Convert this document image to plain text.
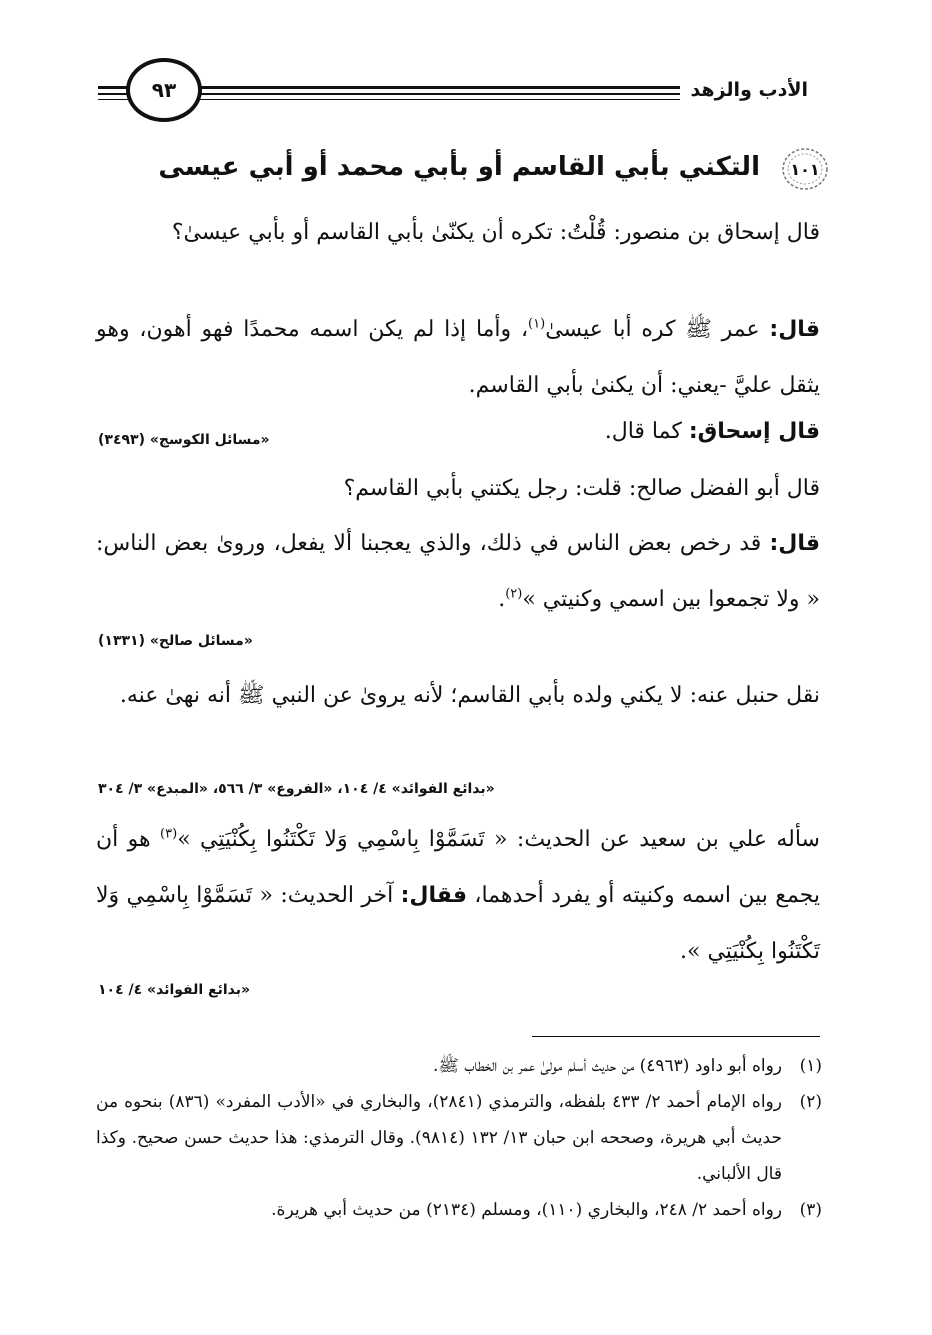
الأدب والزهد
٩٣
١٠١
التكني بأبي القاسم أو بأبي محمد أو أبي عيسى
قال إسحاق بن منصور: قُلْتُ: تكره أن يكنّىٰ بأبي القاسم أو بأبي عيسىٰ؟
قال: عمر ﷺ كره أبا عيسىٰ$^{(١)}$، وأما إذا لم يكن اسمه محمدًا فهو أهون، وهو يثقل عليَّ -يعني: أن يكنىٰ بأبي القاسم.
قال إسحاق: كما قال.
«مسائل الكوسج» (٣٤٩٣)
قال أبو الفضل صالح: قلت: رجل يكتني بأبي القاسم؟
قال: قد رخص بعض الناس في ذلك، والذي يعجبنا ألا يفعل، وروىٰ بعض الناس: « ولا تجمعوا بين اسمي وكنيتي »$^{(٢)}$.
«مسائل صالح» (١٣٣١)
نقل حنبل عنه: لا يكني ولده بأبي القاسم؛ لأنه يروىٰ عن النبي ﷺ أنه نهىٰ عنه.
«بدائع الفوائد» ٤/ ١٠٤، «الفروع» ٣/ ٥٦٦، «المبدع» ٣/ ٣٠٤
سأله علي بن سعيد عن الحديث: « تَسَمَّوْا بِاسْمِي وَلا تَكْتَنُوا بِكُنْيَتِي »$^{(٣)}$ هو أن يجمع بين اسمه وكنيته أو يفرد أحدهما، فقال: آخر الحديث: « تَسَمَّوْا بِاسْمِي وَلا تَكْتَنُوا بِكُنْيَتِي ».
«بدائع الفوائد» ٤/ ١٠٤
(١)
رواه أبو داود (٤٩٦٣) من حديث أسلم مولىٰ عمر بن الخطاب ﷺ.
(٢)
رواه الإمام أحمد ٢/ ٤٣٣ بلفظه، والترمذي (٢٨٤١)، والبخاري في «الأدب المفرد» (٨٣٦) بنحوه من حديث أبي هريرة، وصححه ابن حبان ١٣/ ١٣٢ (٩٨١٤). وقال الترمذي: هذا حديث حسن صحيح. وكذا قال الألباني.
(٣)
رواه أحمد ٢/ ٢٤٨، والبخاري (١١٠)، ومسلم (٢١٣٤) من حديث أبي هريرة.
